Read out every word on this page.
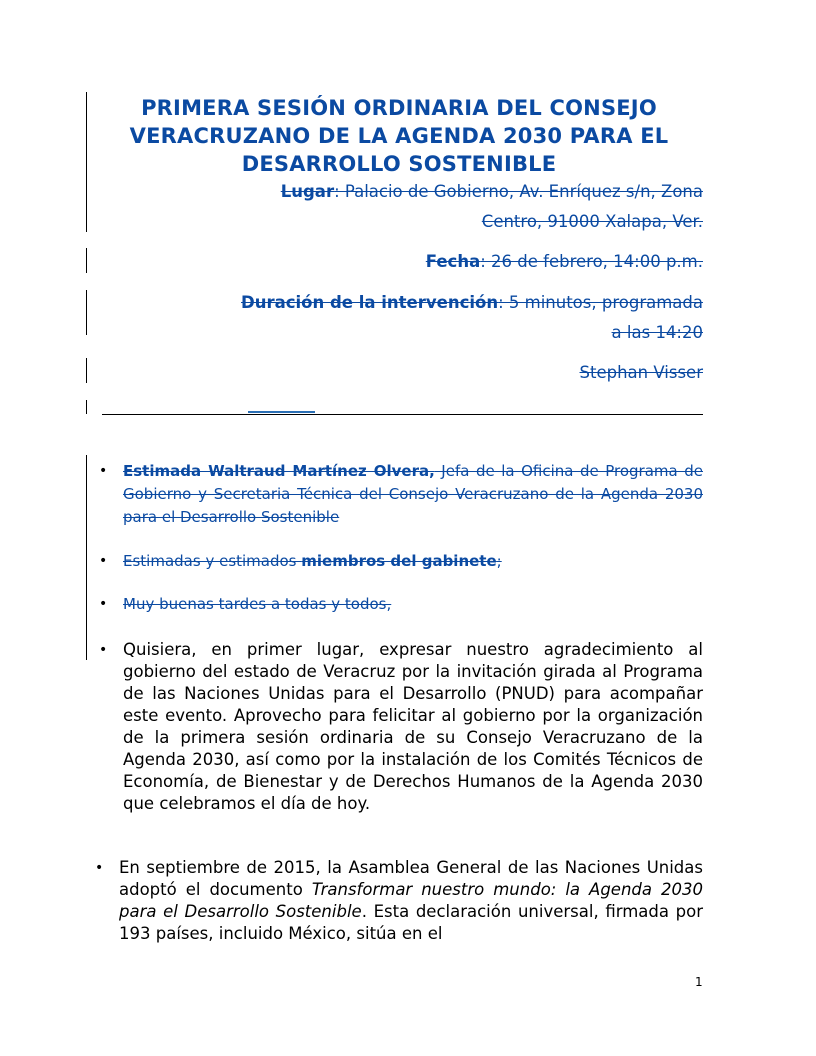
PRIMERA SESIÓN ORDINARIA DEL CONSEJO VERACRUZANO DE LA AGENDA 2030 PARA EL DESARROLLO SOSTENIBLE
Lugar: Palacio de Gobierno, Av. Enríquez s/n, Zona
Centro, 91000 Xalapa, Ver.
Fecha: 26 de febrero, 14:00 p.m.
Duración de la intervención: 5 minutos, programada
a las 14:20
Stephan Visser
• Estimada Waltraud Martínez Olvera, Jefa de la Oficina de Programa de Gobierno y Secretaria Técnica del Consejo Veracruzano de la Agenda 2030 para el Desarrollo Sostenible
• Estimadas y estimados miembros del gabinete;
• Muy buenas tardes a todas y todos,
• Quisiera, en primer lugar, expresar nuestro agradecimiento al gobierno del estado de Veracruz por la invitación girada al Programa de las Naciones Unidas para el Desarrollo (PNUD) para acompañar este evento. Aprovecho para felicitar al gobierno por la organización de la primera sesión ordinaria de su Consejo Veracruzano de la Agenda 2030, así como por la instalación de los Comités Técnicos de Economía, de Bienestar y de Derechos Humanos de la Agenda 2030 que celebramos el día de hoy.
• En septiembre de 2015, la Asamblea General de las Naciones Unidas adoptó el documento Transformar nuestro mundo: la Agenda 2030 para el Desarrollo Sostenible. Esta declaración universal, firmada por 193 países, incluido México, sitúa en el
1
